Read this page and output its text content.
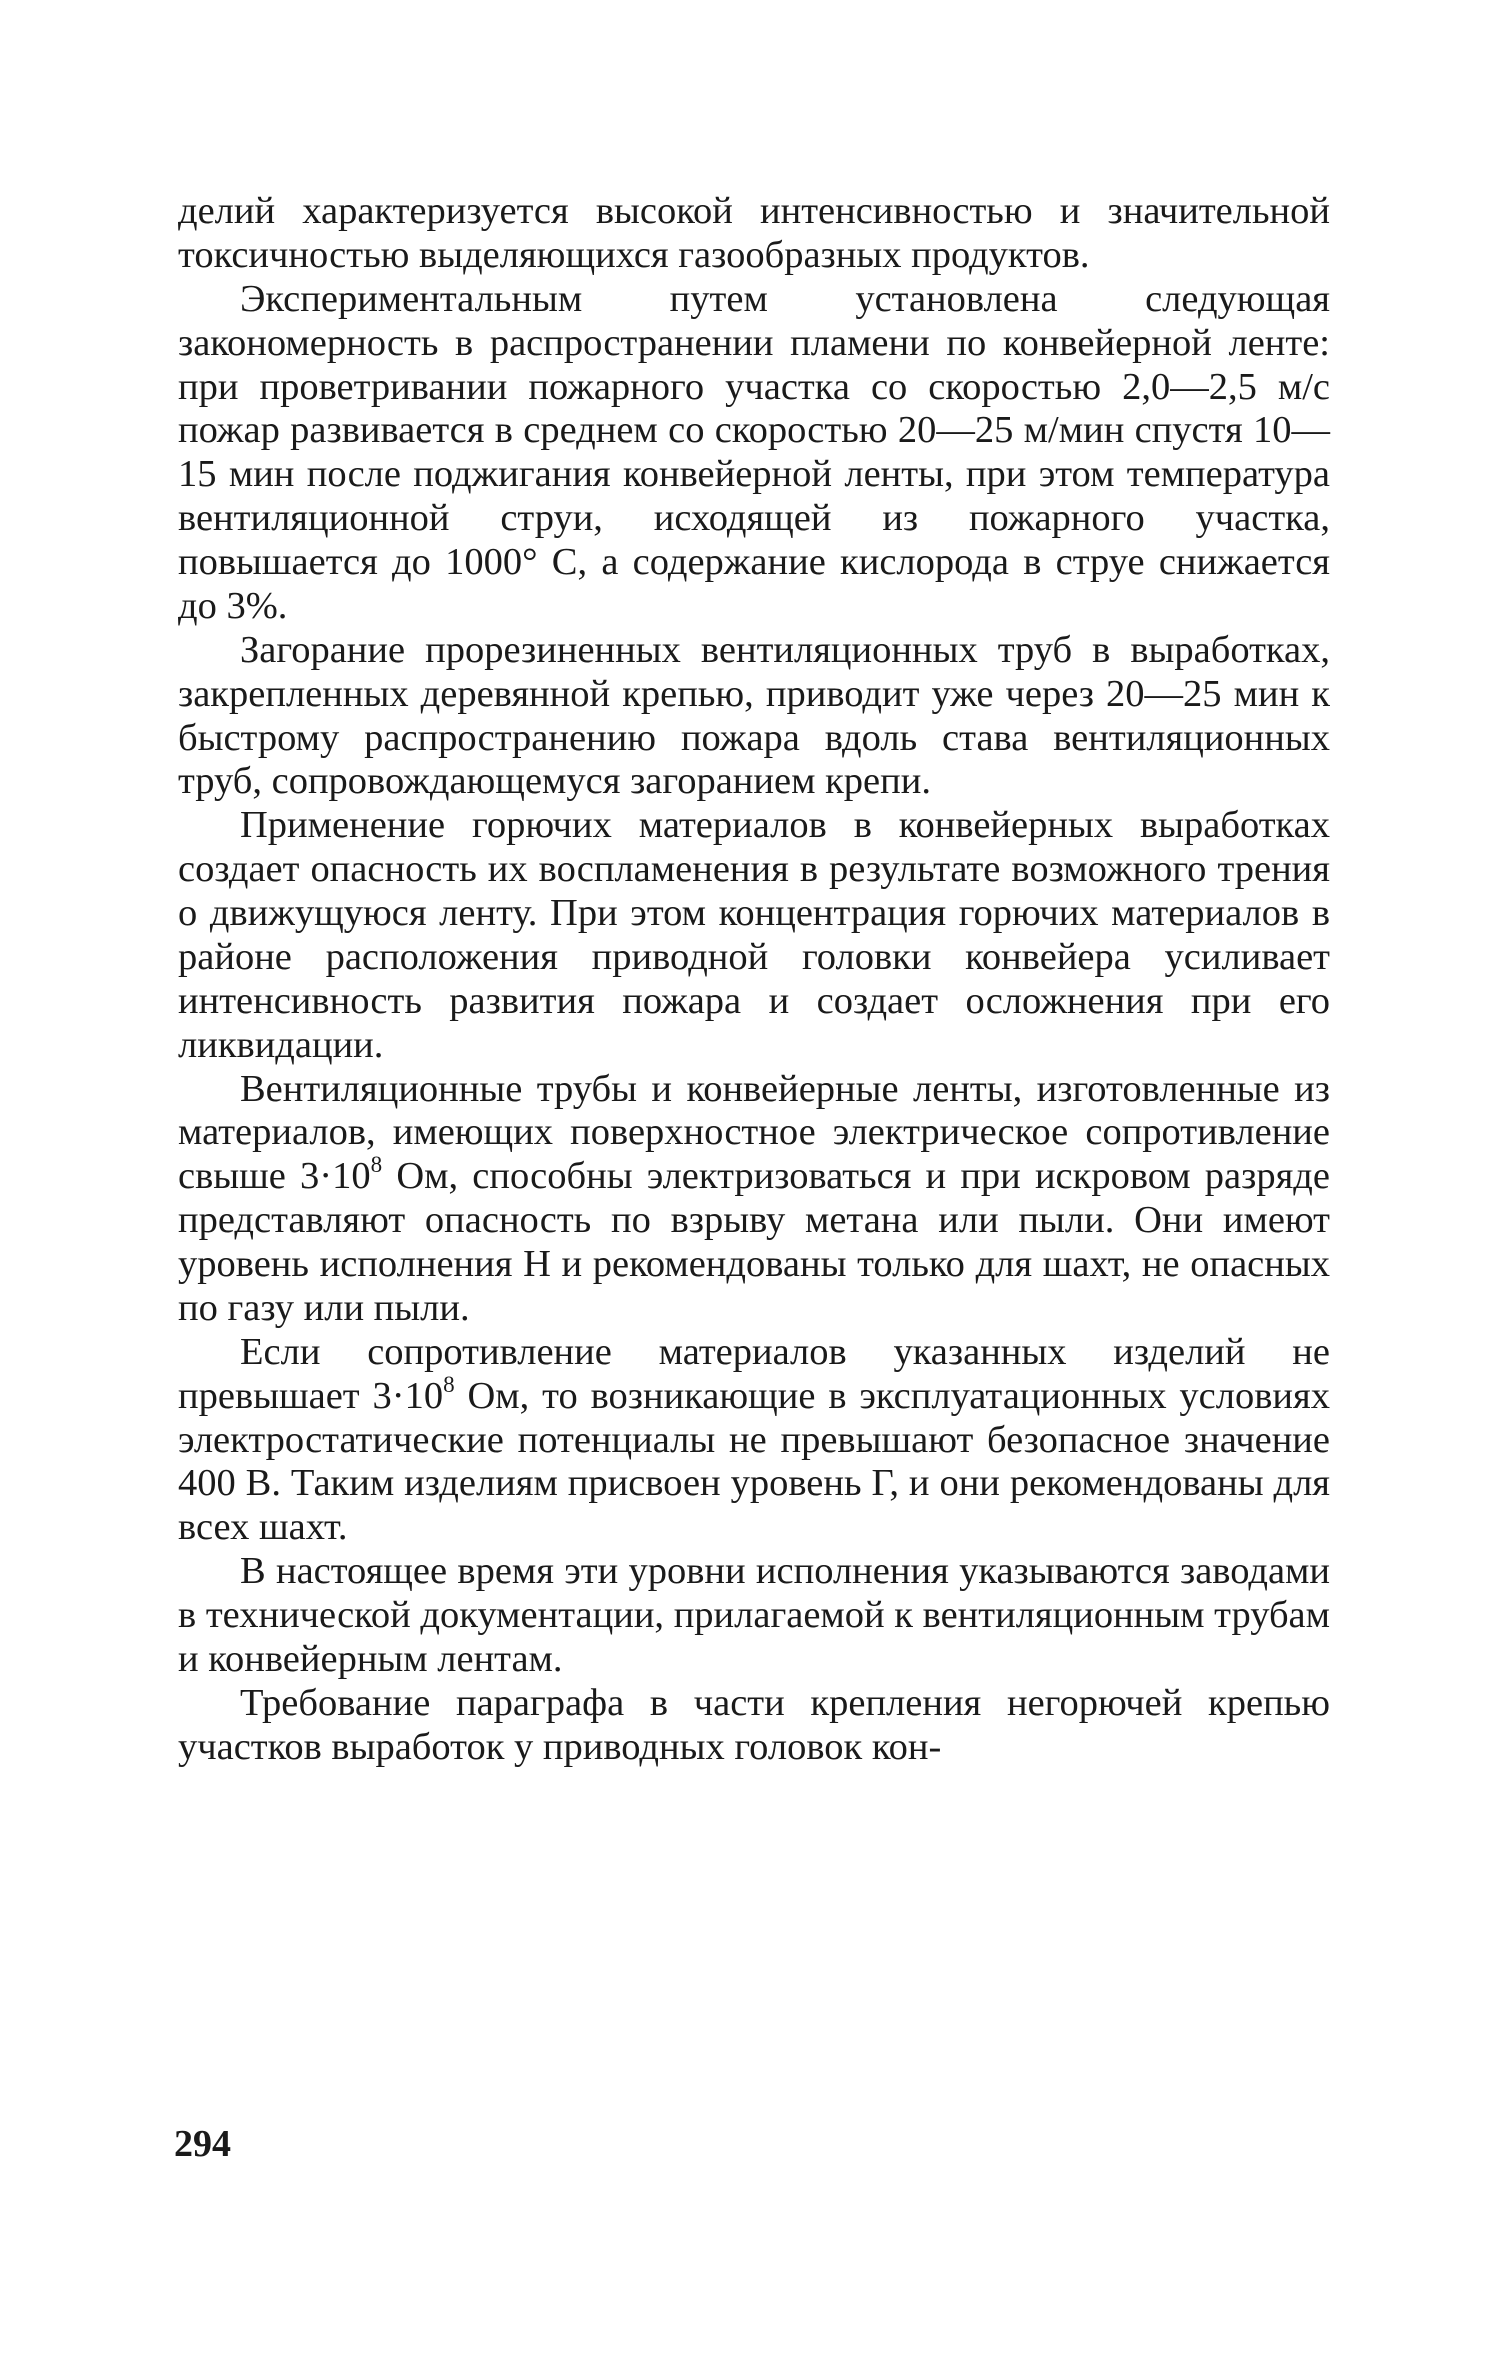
делий характеризуется высокой интенсивностью и значительной токсичностью выделяющихся газообразных продуктов.

Экспериментальным путем установлена следующая закономерность в распространении пламени по конвейерной ленте: при проветривании пожарного участка со скоростью 2,0—2,5 м/с пожар развивается в среднем со скоростью 20—25 м/мин спустя 10—15 мин после поджигания конвейерной ленты, при этом температура вентиляционной струи, исходящей из пожарного участка, повышается до 1000° С, а содержание кислорода в струе снижается до 3%.

Загорание прорезиненных вентиляционных труб в выработках, закрепленных деревянной крепью, приводит уже через 20—25 мин к быстрому распространению пожара вдоль става вентиляционных труб, сопровождающемуся загоранием крепи.

Применение горючих материалов в конвейерных выработках создает опасность их воспламенения в результате возможного трения о движущуюся ленту. При этом концентрация горючих материалов в районе расположения приводной головки конвейера усиливает интенсивность развития пожара и создает осложнения при его ликвидации.

Вентиляционные трубы и конвейерные ленты, изготовленные из материалов, имеющих поверхностное электрическое сопротивление свыше $3\cdot 10^8$ Ом, способны электризоваться и при искровом разряде представляют опасность по взрыву метана или пыли. Они имеют уровень исполнения Н и рекомендованы только для шахт, не опасных по газу или пыли.

Если сопротивление материалов указанных изделий не превышает $3\cdot 10^8$ Ом, то возникающие в эксплуатационных условиях электростатические потенциалы не превышают безопасное значение 400 В. Таким изделиям присвоен уровень Г, и они рекомендованы для всех шахт.

В настоящее время эти уровни исполнения указываются заводами в технической документации, прилагаемой к вентиляционным трубам и конвейерным лентам.

Требование параграфа в части крепления негорючей крепью участков выработок у приводных головок кон-

294
